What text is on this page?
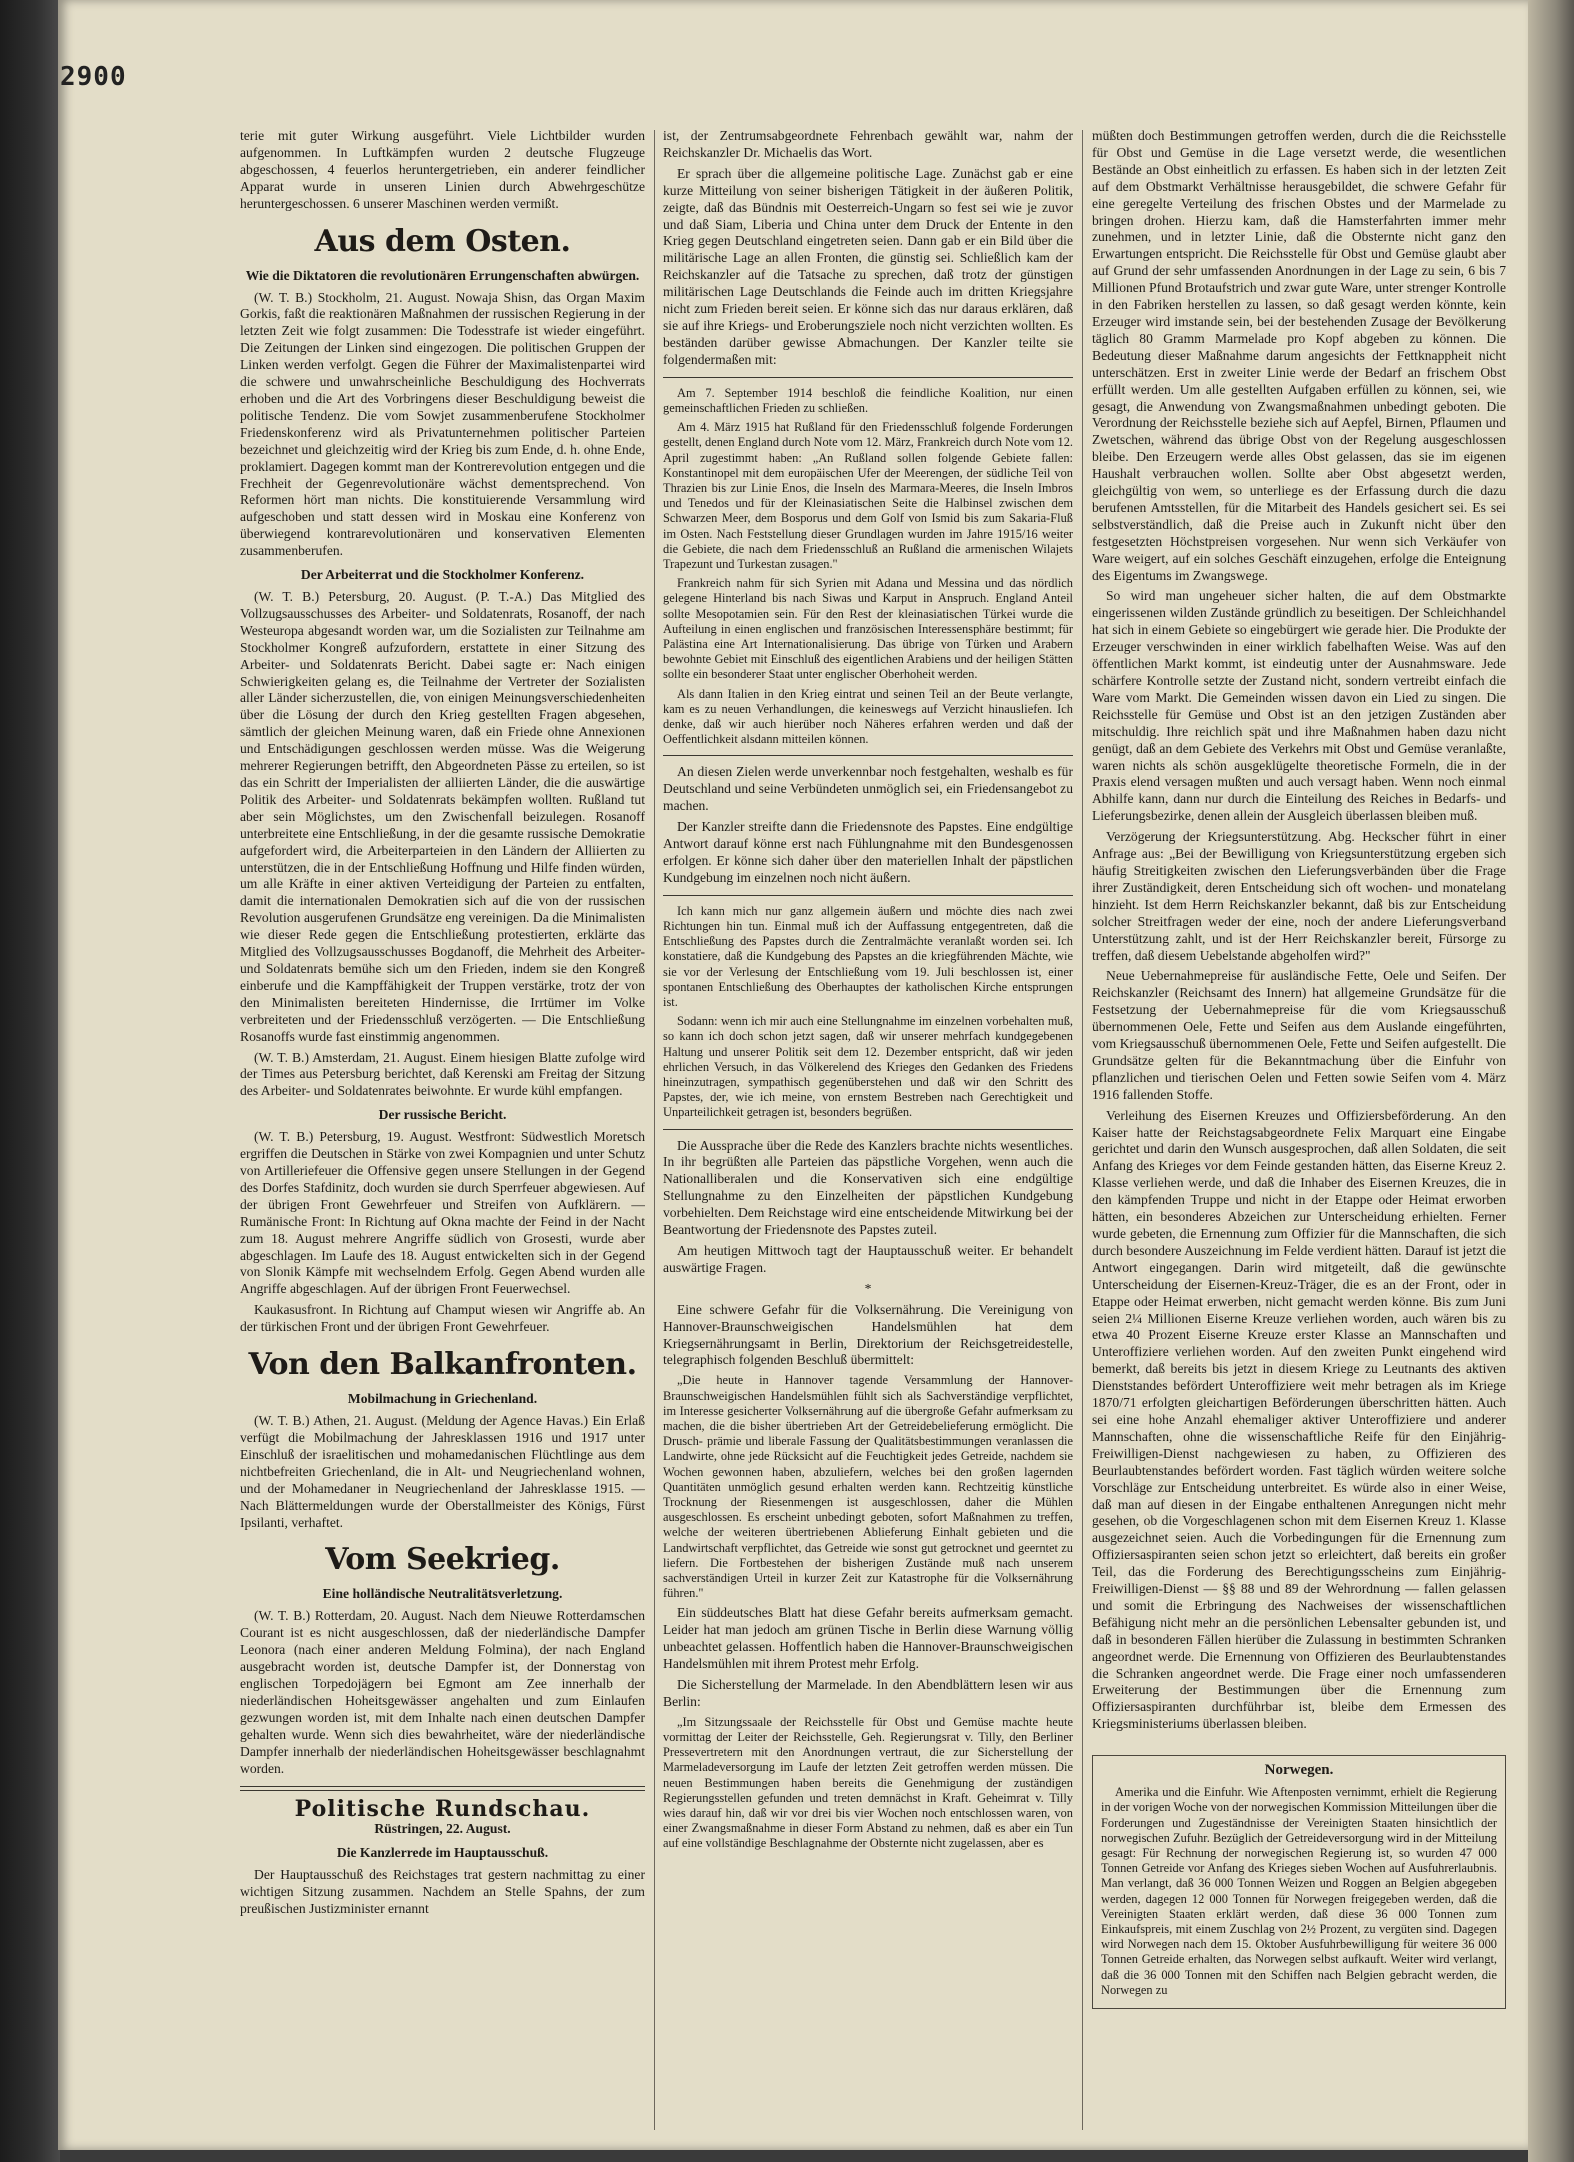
2900

terie mit guter Wirkung ausgeführt. Viele Lichtbilder wurden aufgenommen. In Luftkämpfen wurden 2 deutsche Flugzeuge abgeschossen, 4 feuerlos heruntergetrieben, ein anderer feindlicher Apparat wurde in unseren Linien durch Abwehrgeschütze heruntergeschossen. 6 unserer Maschinen werden vermißt.

Aus dem Osten.
Wie die Diktatoren die revolutionären Errungenschaften abwürgen.

(W. T. B.) Stockholm, 21. August. Nowaja Shisn, das Organ Maxim Gorkis, faßt die reaktionären Maßnahmen der russischen Regierung in der letzten Zeit wie folgt zusammen: Die Todesstrafe ist wieder eingeführt. Die Zeitungen der Linken sind eingezogen. Die politischen Gruppen der Linken werden verfolgt. Gegen die Führer der Maximalistenpartei wird die schwere und unwahrscheinliche Beschuldigung des Hochverrats erhoben und die Art des Vorbringens dieser Beschuldigung beweist die politische Tendenz. Die vom Sowjet zusammenberufene Stockholmer Friedenskonferenz wird als Privatunternehmen politischer Parteien bezeichnet und gleichzeitig wird der Krieg bis zum Ende, d. h. ohne Ende, proklamiert. Dagegen kommt man der Kontrerevolution entgegen und die Frechheit der Gegenrevolutionäre wächst dementsprechend. Von Reformen hört man nichts. Die konstituierende Versammlung wird aufgeschoben und statt dessen wird in Moskau eine Konferenz von überwiegend kontrarevolutionären und konservativen Elementen zusammenberufen.

Der Arbeiterrat und die Stockholmer Konferenz.

(W. T. B.) Petersburg, 20. August. (P. T.-A.) Das Mitglied des Vollzugsausschusses des Arbeiter- und Soldatenrats, Rosanoff, der nach Westeuropa abgesandt worden war, um die Sozialisten zur Teilnahme am Stockholmer Kongreß aufzufordern, erstattete in einer Sitzung des Arbeiter- und Soldatenrats Bericht. Dabei sagte er: Nach einigen Schwierigkeiten gelang es, die Teilnahme der Vertreter der Sozialisten aller Länder sicherzustellen, die, von einigen Meinungsverschiedenheiten über die Lösung der durch den Krieg gestellten Fragen abgesehen, sämtlich der gleichen Meinung waren, daß ein Friede ohne Annexionen und Entschädigungen geschlossen werden müsse. Was die Weigerung mehrerer Regierungen betrifft, den Abgeordneten Pässe zu erteilen, so ist das ein Schritt der Imperialisten der alliierten Länder, die die auswärtige Politik des Arbeiter- und Soldatenrats bekämpfen wollten. Rußland tut aber sein Möglichstes, um den Zwischenfall beizulegen. Rosanoff unterbreitete eine Entschließung, in der die gesamte russische Demokratie aufgefordert wird, die Arbeiterparteien in den Ländern der Alliierten zu unterstützen, die in der Entschließung Hoffnung und Hilfe finden würden, um alle Kräfte in einer aktiven Verteidigung der Parteien zu entfalten, damit die internationalen Demokratien sich auf die von der russischen Revolution ausgerufenen Grundsätze eng vereinigen. Da die Minimalisten wie dieser Rede gegen die Entschließung protestierten, erklärte das Mitglied des Vollzugsausschusses Bogdanoff, die Mehrheit des Arbeiter- und Soldatenrats bemühe sich um den Frieden, indem sie den Kongreß einberufe und die Kampffähigkeit der Truppen verstärke, trotz der von den Minimalisten bereiteten Hindernisse, die Irrtümer im Volke verbreiteten und der Friedensschluß verzögerten. — Die Entschließung Rosanoffs wurde fast einstimmig angenommen.

(W. T. B.) Amsterdam, 21. August. Einem hiesigen Blatte zufolge wird der Times aus Petersburg berichtet, daß Kerenski am Freitag der Sitzung des Arbeiter- und Soldatenrates beiwohnte. Er wurde kühl empfangen.

Der russische Bericht.

(W. T. B.) Petersburg, 19. August. Westfront: Südwestlich Moretsch ergriffen die Deutschen in Stärke von zwei Kompagnien und unter Schutz von Artilleriefeuer die Offensive gegen unsere Stellungen in der Gegend des Dorfes Stafdinitz, doch wurden sie durch Sperrfeuer abgewiesen. Auf der übrigen Front Gewehrfeuer und Streifen von Aufklärern. — Rumänische Front: In Richtung auf Okna machte der Feind in der Nacht zum 18. August mehrere Angriffe südlich von Grosesti, wurde aber abgeschlagen. Im Laufe des 18. August entwickelten sich in der Gegend von Slonik Kämpfe mit wechselndem Erfolg. Gegen Abend wurden alle Angriffe abgeschlagen. Auf der übrigen Front Feuerwechsel.

Kaukasusfront. In Richtung auf Champut wiesen wir Angriffe ab. An der türkischen Front und der übrigen Front Gewehrfeuer.

Von den Balkanfronten.
Mobilmachung in Griechenland.

(W. T. B.) Athen, 21. August. (Meldung der Agence Havas.) Ein Erlaß verfügt die Mobilmachung der Jahresklassen 1916 und 1917 unter Einschluß der israelitischen und mohamedanischen Flüchtlinge aus dem nichtbefreiten Griechenland, die in Alt- und Neugriechenland wohnen, und der Mohamedaner in Neugriechenland der Jahresklasse 1915. — Nach Blättermeldungen wurde der Oberstallmeister des Königs, Fürst Ipsilanti, verhaftet.

Vom Seekrieg.
Eine holländische Neutralitätsverletzung.

(W. T. B.) Rotterdam, 20. August. Nach dem Nieuwe Rotterdamschen Courant ist es nicht ausgeschlossen, daß der niederländische Dampfer Leonora (nach einer anderen Meldung Folmina), der nach England ausgebracht worden ist, deutsche Dampfer ist, der Donnerstag von englischen Torpedojägern bei Egmont am Zee innerhalb der niederländischen Hoheitsgewässer angehalten und zum Einlaufen gezwungen worden ist, mit dem Inhalte nach einen deutschen Dampfer gehalten wurde. Wenn sich dies bewahrheitet, wäre der niederländische Dampfer innerhalb der niederländischen Hoheitsgewässer beschlagnahmt worden.

Politische Rundschau.

Rüstringen, 22. August.

Die Kanzlerrede im Hauptausschuß.

Der Hauptausschuß des Reichstages trat gestern nachmittag zu einer wichtigen Sitzung zusammen. Nachdem an Stelle Spahns, der zum preußischen Justizminister ernannt

ist, der Zentrumsabgeordnete Fehrenbach gewählt war, nahm der Reichskanzler Dr. Michaelis das Wort.

Er sprach über die allgemeine politische Lage. Zunächst gab er eine kurze Mitteilung von seiner bisherigen Tätigkeit in der äußeren Politik, zeigte, daß das Bündnis mit Oesterreich-Ungarn so fest sei wie je zuvor und daß Siam, Liberia und China unter dem Druck der Entente in den Krieg gegen Deutschland eingetreten seien. Dann gab er ein Bild über die militärische Lage an allen Fronten, die günstig sei. Schließlich kam der Reichskanzler auf die Tatsache zu sprechen, daß trotz der günstigen militärischen Lage Deutschlands die Feinde auch im dritten Kriegsjahre nicht zum Frieden bereit seien. Er könne sich das nur daraus erklären, daß sie auf ihre Kriegs- und Eroberungsziele noch nicht verzichten wollten. Es beständen darüber gewisse Abmachungen. Der Kanzler teilte sie folgendermaßen mit:

Am 7. September 1914 beschloß die feindliche Koalition, nur einen gemeinschaftlichen Frieden zu schließen.

Am 4. März 1915 hat Rußland für den Friedensschluß folgende Forderungen gestellt, denen England durch Note vom 12. März, Frankreich durch Note vom 12. April zugestimmt haben: „An Rußland sollen folgende Gebiete fallen: Konstantinopel mit dem europäischen Ufer der Meerengen, der südliche Teil von Thrazien bis zur Linie Enos, die Inseln des Marmara-Meeres, die Inseln Imbros und Tenedos und für der Kleinasiatischen Seite die Halbinsel zwischen dem Schwarzen Meer, dem Bosporus und dem Golf von Ismid bis zum Sakaria-Fluß im Osten. Nach Feststellung dieser Grundlagen wurden im Jahre 1915/16 weiter die Gebiete, die nach dem Friedensschluß an Rußland die armenischen Wilajets Trapezunt und Turkestan zusagen."

Frankreich nahm für sich Syrien mit Adana und Messina und das nördlich gelegene Hinterland bis nach Siwas und Karput in Anspruch. England Anteil sollte Mesopotamien sein. Für den Rest der kleinasiatischen Türkei wurde die Aufteilung in einen englischen und französischen Interessensphäre bestimmt; für Palästina eine Art Internationalisierung. Das übrige von Türken und Arabern bewohnte Gebiet mit Einschluß des eigentlichen Arabiens und der heiligen Stätten sollte ein besonderer Staat unter englischer Oberhoheit werden.

Als dann Italien in den Krieg eintrat und seinen Teil an der Beute verlangte, kam es zu neuen Verhandlungen, die keineswegs auf Verzicht hinausliefen. Ich denke, daß wir auch hierüber noch Näheres erfahren werden und daß der Oeffentlichkeit alsdann mitteilen können.

An diesen Zielen werde unverkennbar noch festgehalten, weshalb es für Deutschland und seine Verbündeten unmöglich sei, ein Friedensangebot zu machen.

Der Kanzler streifte dann die Friedensnote des Papstes. Eine endgültige Antwort darauf könne erst nach Fühlungnahme mit den Bundesgenossen erfolgen. Er könne sich daher über den materiellen Inhalt der päpstlichen Kundgebung im einzelnen noch nicht äußern.

Ich kann mich nur ganz allgemein äußern und möchte dies nach zwei Richtungen hin tun. Einmal muß ich der Auffassung entgegentreten, daß die Entschließung des Papstes durch die Zentralmächte veranlaßt worden sei. Ich konstatiere, daß die Kundgebung des Papstes an die kriegführenden Mächte, wie sie vor der Verlesung der Entschließung vom 19. Juli beschlossen ist, einer spontanen Entschließung des Oberhauptes der katholischen Kirche entsprungen ist.

Sodann: wenn ich mir auch eine Stellungnahme im einzelnen vorbehalten muß, so kann ich doch schon jetzt sagen, daß wir unserer mehrfach kundgegebenen Haltung und unserer Politik seit dem 12. Dezember entspricht, daß wir jeden ehrlichen Versuch, in das Völkerelend des Krieges den Gedanken des Friedens hineinzutragen, sympathisch gegenüberstehen und daß wir den Schritt des Papstes, der, wie ich meine, von ernstem Bestreben nach Gerechtigkeit und Unparteilichkeit getragen ist, besonders begrüßen.

Die Aussprache über die Rede des Kanzlers brachte nichts wesentliches. In ihr begrüßten alle Parteien das päpstliche Vorgehen, wenn auch die Nationalliberalen und die Konservativen sich eine endgültige Stellungnahme zu den Einzelheiten der päpstlichen Kundgebung vorbehielten. Dem Reichstage wird eine entscheidende Mitwirkung bei der Beantwortung der Friedensnote des Papstes zuteil.

Am heutigen Mittwoch tagt der Hauptausschuß weiter. Er behandelt auswärtige Fragen.

*

Eine schwere Gefahr für die Volksernährung. Die Vereinigung von Hannover-Braunschweigischen Handelsmühlen hat dem Kriegsernährungsamt in Berlin, Direktorium der Reichsgetreidestelle, telegraphisch folgenden Beschluß übermittelt:

„Die heute in Hannover tagende Versammlung der Hannover-Braunschweigischen Handelsmühlen fühlt sich als Sachverständige verpflichtet, im Interesse gesicherter Volksernährung auf die übergroße Gefahr aufmerksam zu machen, die die bisher übertrieben Art der Getreidebelieferung ermöglicht. Die Drusch- prämie und liberale Fassung der Qualitätsbestimmungen veranlassen die Landwirte, ohne jede Rücksicht auf die Feuchtigkeit jedes Getreide, nachdem sie Wochen gewonnen haben, abzuliefern, welches bei den großen lagernden Quantitäten unmöglich gesund erhalten werden kann. Rechtzeitig künstliche Trocknung der Riesenmengen ist ausgeschlossen, daher die Mühlen ausgeschlossen. Es erscheint unbedingt geboten, sofort Maßnahmen zu treffen, welche der weiteren übertriebenen Ablieferung Einhalt gebieten und die Landwirtschaft verpflichtet, das Getreide wie sonst gut getrocknet und geerntet zu liefern. Die Fortbestehen der bisherigen Zustände muß nach unserem sachverständigen Urteil in kurzer Zeit zur Katastrophe für die Volksernährung führen."

Ein süddeutsches Blatt hat diese Gefahr bereits aufmerksam gemacht. Leider hat man jedoch am grünen Tische in Berlin diese Warnung völlig unbeachtet gelassen. Hoffentlich haben die Hannover-Braunschweigischen Handelsmühlen mit ihrem Protest mehr Erfolg.

Die Sicherstellung der Marmelade. In den Abendblättern lesen wir aus Berlin:

„Im Sitzungssaale der Reichsstelle für Obst und Gemüse machte heute vormittag der Leiter der Reichsstelle, Geh. Regierungsrat v. Tilly, den Berliner Pressevertretern mit den Anordnungen vertraut, die zur Sicherstellung der Marmeladeversorgung im Laufe der letzten Zeit getroffen werden müssen. Die neuen Bestimmungen haben bereits die Genehmigung der zuständigen Regierungsstellen gefunden und treten demnächst in Kraft. Geheimrat v. Tilly wies darauf hin, daß wir vor drei bis vier Wochen noch entschlossen waren, von einer Zwangsmaßnahme in dieser Form Abstand zu nehmen, daß es aber ein Tun auf eine vollständige Beschlagnahme der Obsternte nicht zugelassen, aber es

müßten doch Bestimmungen getroffen werden, durch die die Reichsstelle für Obst und Gemüse in die Lage versetzt werde, die wesentlichen Bestände an Obst einheitlich zu erfassen. Es haben sich in der letzten Zeit auf dem Obstmarkt Verhältnisse herausgebildet, die schwere Gefahr für eine geregelte Verteilung des frischen Obstes und der Marmelade zu bringen drohen. Hierzu kam, daß die Hamsterfahrten immer mehr zunehmen, und in letzter Linie, daß die Obsternte nicht ganz den Erwartungen entspricht. Die Reichsstelle für Obst und Gemüse glaubt aber auf Grund der sehr umfassenden Anordnungen in der Lage zu sein, 6 bis 7 Millionen Pfund Brotaufstrich und zwar gute Ware, unter strenger Kontrolle in den Fabriken herstellen zu lassen, so daß gesagt werden könnte, kein Erzeuger wird imstande sein, bei der bestehenden Zusage der Bevölkerung täglich 80 Gramm Marmelade pro Kopf abgeben zu können. Die Bedeutung dieser Maßnahme darum angesichts der Fettknappheit nicht unterschätzen. Erst in zweiter Linie werde der Bedarf an frischem Obst erfüllt werden. Um alle gestellten Aufgaben erfüllen zu können, sei, wie gesagt, die Anwendung von Zwangsmaßnahmen unbedingt geboten. Die Verordnung der Reichsstelle beziehe sich auf Aepfel, Birnen, Pflaumen und Zwetschen, während das übrige Obst von der Regelung ausgeschlossen bleibe. Den Erzeugern werde alles Obst gelassen, das sie im eigenen Haushalt verbrauchen wollen. Sollte aber Obst abgesetzt werden, gleichgültig von wem, so unterliege es der Erfassung durch die dazu berufenen Amtsstellen, für die Mitarbeit des Handels gesichert sei. Es sei selbstverständlich, daß die Preise auch in Zukunft nicht über den festgesetzten Höchstpreisen vorgesehen. Nur wenn sich Verkäufer von Ware weigert, auf ein solches Geschäft einzugehen, erfolge die Enteignung des Eigentums im Zwangswege.

So wird man ungeheuer sicher halten, die auf dem Obstmarkte eingerissenen wilden Zustände gründlich zu beseitigen. Der Schleichhandel hat sich in einem Gebiete so eingebürgert wie gerade hier. Die Produkte der Erzeuger verschwinden in einer wirklich fabelhaften Weise. Was auf den öffentlichen Markt kommt, ist eindeutig unter der Ausnahmsware. Jede schärfere Kontrolle setzte der Zustand nicht, sondern vertreibt einfach die Ware vom Markt. Die Gemeinden wissen davon ein Lied zu singen. Die Reichsstelle für Gemüse und Obst ist an den jetzigen Zuständen aber mitschuldig. Ihre reichlich spät und ihre Maßnahmen haben dazu nicht genügt, daß an dem Gebiete des Verkehrs mit Obst und Gemüse veranlaßte, waren nichts als schön ausgeklügelte theoretische Formeln, die in der Praxis elend versagen mußten und auch versagt haben. Wenn noch einmal Abhilfe kann, dann nur durch die Einteilung des Reiches in Bedarfs- und Lieferungsbezirke, denen allein der Ausgleich überlassen bleiben muß.

Verzögerung der Kriegsunterstützung. Abg. Heckscher führt in einer Anfrage aus: „Bei der Bewilligung von Kriegsunterstützung ergeben sich häufig Streitigkeiten zwischen den Lieferungsverbänden über die Frage ihrer Zuständigkeit, deren Entscheidung sich oft wochen- und monatelang hinzieht. Ist dem Herrn Reichskanzler bekannt, daß bis zur Entscheidung solcher Streitfragen weder der eine, noch der andere Lieferungsverband Unterstützung zahlt, und ist der Herr Reichskanzler bereit, Fürsorge zu treffen, daß diesem Uebelstande abgeholfen wird?"

Neue Uebernahmepreise für ausländische Fette, Oele und Seifen. Der Reichskanzler (Reichsamt des Innern) hat allgemeine Grundsätze für die Festsetzung der Uebernahmepreise für die vom Kriegsausschuß übernommenen Oele, Fette und Seifen aus dem Auslande eingeführten, vom Kriegsausschuß übernommenen Oele, Fette und Seifen aufgestellt. Die Grundsätze gelten für die Bekanntmachung über die Einfuhr von pflanzlichen und tierischen Oelen und Fetten sowie Seifen vom 4. März 1916 fallenden Stoffe.

Verleihung des Eisernen Kreuzes und Offiziersbeförderung. An den Kaiser hatte der Reichstagsabgeordnete Felix Marquart eine Eingabe gerichtet und darin den Wunsch ausgesprochen, daß allen Soldaten, die seit Anfang des Krieges vor dem Feinde gestanden hätten, das Eiserne Kreuz 2. Klasse verliehen werde, und daß die Inhaber des Eisernen Kreuzes, die in den kämpfenden Truppe und nicht in der Etappe oder Heimat erworben hätten, ein besonderes Abzeichen zur Unterscheidung erhielten. Ferner wurde gebeten, die Ernennung zum Offizier für die Mannschaften, die sich durch besondere Auszeichnung im Felde verdient hätten. Darauf ist jetzt die Antwort eingegangen. Darin wird mitgeteilt, daß die gewünschte Unterscheidung der Eisernen-Kreuz-Träger, die es an der Front, oder in Etappe oder Heimat erwerben, nicht gemacht werden könne. Bis zum Juni seien 2¼ Millionen Eiserne Kreuze verliehen worden, auch wären bis zu etwa 40 Prozent Eiserne Kreuze erster Klasse an Mannschaften und Unteroffiziere verliehen worden. Auf den zweiten Punkt eingehend wird bemerkt, daß bereits bis jetzt in diesem Kriege zu Leutnants des aktiven Dienststandes befördert Unteroffiziere weit mehr betragen als im Kriege 1870/71 erfolgten gleichartigen Beförderungen überschritten hätten. Auch sei eine hohe Anzahl ehemaliger aktiver Unteroffiziere und anderer Mannschaften, ohne die wissenschaftliche Reife für den Einjährig-Freiwilligen-Dienst nachgewiesen zu haben, zu Offizieren des Beurlaubtenstandes befördert worden. Fast täglich würden weitere solche Vorschläge zur Entscheidung unterbreitet. Es würde also in einer Weise, daß man auf diesen in der Eingabe enthaltenen Anregungen nicht mehr gesehen, ob die Vorgeschlagenen schon mit dem Eisernen Kreuz 1. Klasse ausgezeichnet seien. Auch die Vorbedingungen für die Ernennung zum Offiziersaspiranten seien schon jetzt so erleichtert, daß bereits ein großer Teil, das die Forderung des Berechtigungsscheins zum Einjährig-Freiwilligen-Dienst — §§ 88 und 89 der Wehrordnung — fallen gelassen und somit die Erbringung des Nachweises der wissenschaftlichen Befähigung nicht mehr an die persönlichen Lebensalter gebunden ist, und daß in besonderen Fällen hierüber die Zulassung in bestimmten Schranken angeordnet werde. Die Ernennung von Offizieren des Beurlaubtenstandes die Schranken angeordnet werde. Die Frage einer noch umfassenderen Erweiterung der Bestimmungen über die Ernennung zum Offiziersaspiranten durchführbar ist, bleibe dem Ermessen des Kriegsministeriums überlassen bleiben.

Norwegen.

Amerika und die Einfuhr. Wie Aftenposten vernimmt, erhielt die Regierung in der vorigen Woche von der norwegischen Kommission Mitteilungen über die Forderungen und Zugeständnisse der Vereinigten Staaten hinsichtlich der norwegischen Zufuhr. Bezüglich der Getreideversorgung wird in der Mitteilung gesagt: Für Rechnung der norwegischen Regierung ist, so wurden 47 000 Tonnen Getreide vor Anfang des Krieges sieben Wochen auf Ausfuhrerlaubnis. Man verlangt, daß 36 000 Tonnen Weizen und Roggen an Belgien abgegeben werden, dagegen 12 000 Tonnen für Norwegen freigegeben werden, daß die Vereinigten Staaten erklärt werden, daß diese 36 000 Tonnen zum Einkaufspreis, mit einem Zuschlag von 2½ Prozent, zu vergüten sind. Dagegen wird Norwegen nach dem 15. Oktober Ausfuhrbewilligung für weitere 36 000 Tonnen Getreide erhalten, das Norwegen selbst aufkauft. Weiter wird verlangt, daß die 36 000 Tonnen mit den Schiffen nach Belgien gebracht werden, die Norwegen zu
